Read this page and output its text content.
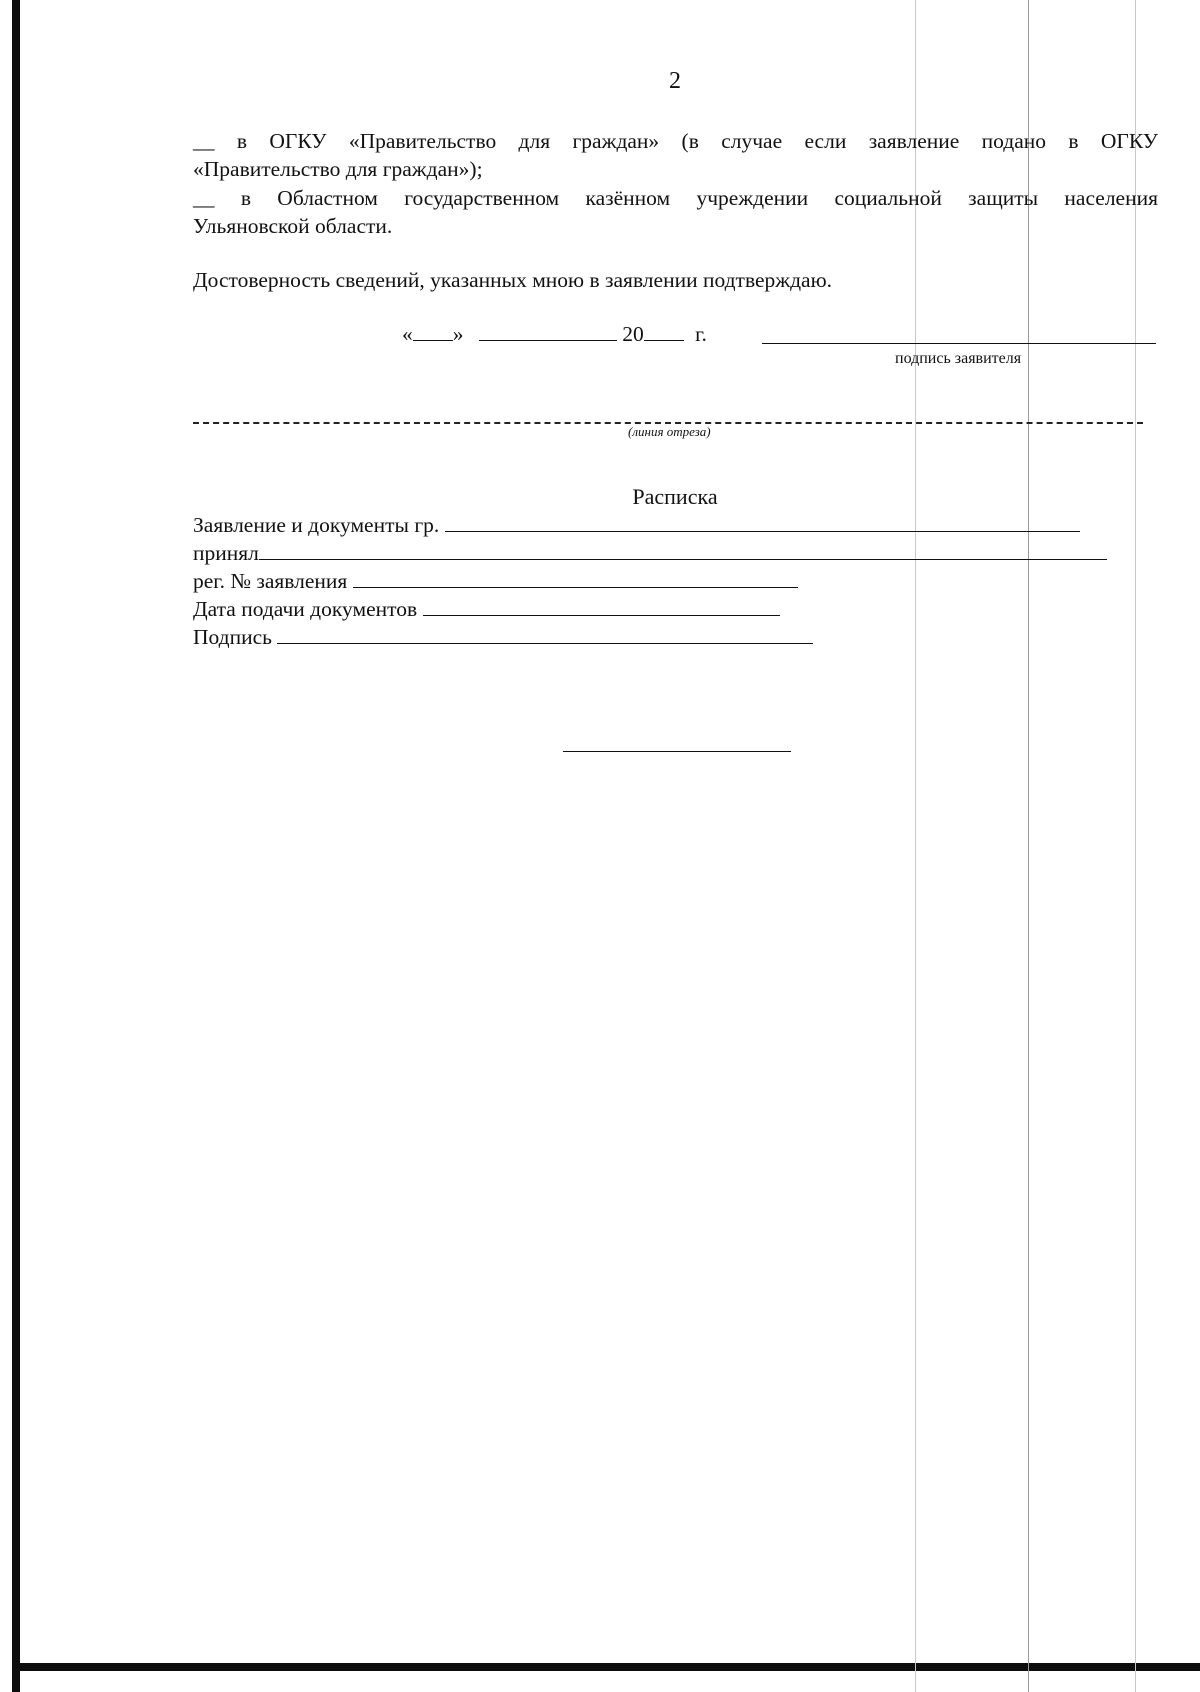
2
__ в ОГКУ «Правительство для граждан» (в случае если заявление подано в ОГКУ
«Правительство для граждан»);
__ в Областном государственном казённом учреждении социальной защиты населения
Ульяновской области.
Достоверность сведений, указанных мною в заявлении подтверждаю.
« »	20 г.
подпись заявителя
(линия отреза)
Расписка
Заявление и документы гр.
принял
рег. № заявления
Дата подачи документов
Подпись
